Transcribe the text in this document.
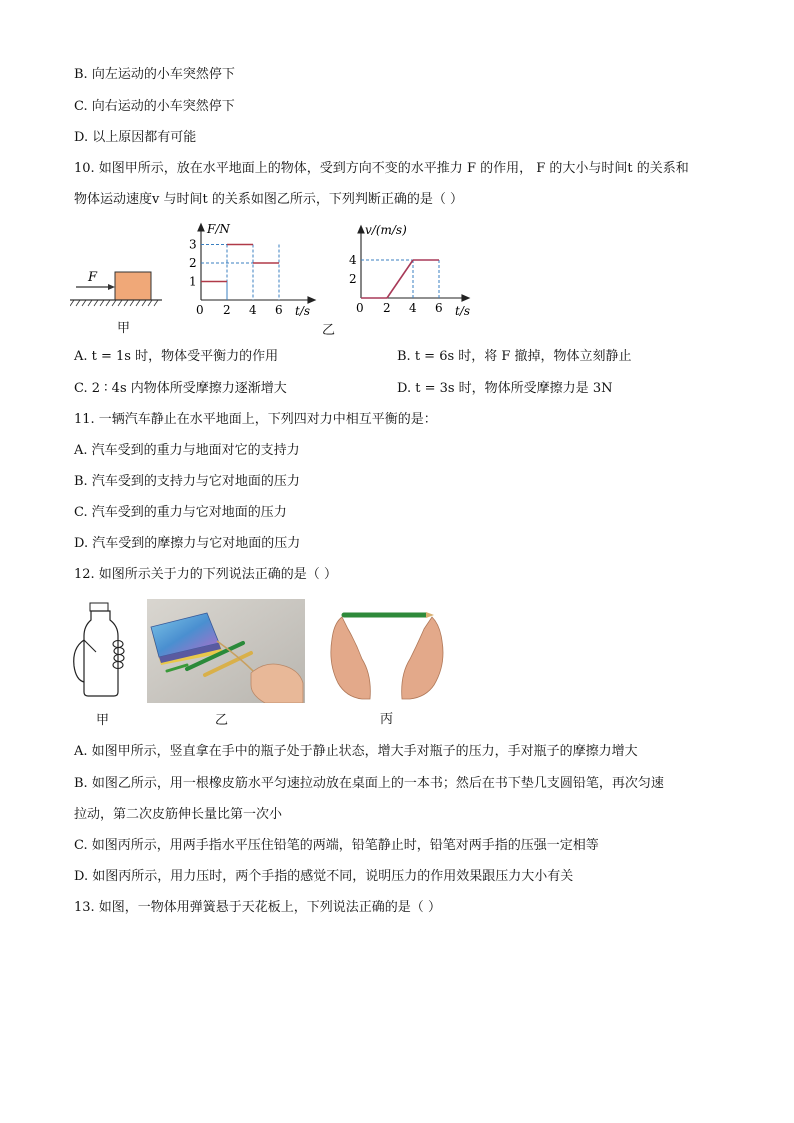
B. 向左运动的小车突然停下
C. 向右运动的小车突然停下
D. 以上原因都有可能
10. 如图甲所示，放在水平地面上的物体，受到方向不变的水平推力 F 的作用， F 的大小与时间t 的关系和
物体运动速度v 与时间t 的关系如图乙所示，下列判断正确的是（ ）
F
甲
F/N
t/s
0
1
2
3
2 4 6
v/(m/s)
t/s
0
2
4
2 4 6
乙
A. t = 1s 时，物体受平衡力的作用	B. t = 6s 时，将 F 撤掉，物体立刻静止
C. 2 ∶ 4s 内物体所受摩擦力逐渐增大	D. t = 3s 时，物体所受摩擦力是 3N
11. 一辆汽车静止在水平地面上，下列四对力中相互平衡的是：
A. 汽车受到的重力与地面对它的支持力
B. 汽车受到的支持力与它对地面的压力
C. 汽车受到的重力与它对地面的压力
D. 汽车受到的摩擦力与它对地面的压力
12. 如图所示关于力的下列说法正确的是（ ）
甲	乙	丙
A. 如图甲所示，竖直拿在手中的瓶子处于静止状态，增大手对瓶子的压力，手对瓶子的摩擦力增大
B. 如图乙所示，用一根橡皮筋水平匀速拉动放在桌面上的一本书；然后在书下垫几支圆铅笔，再次匀速
拉动，第二次皮筋伸长量比第一次小
C. 如图丙所示，用两手指水平压住铅笔的两端，铅笔静止时，铅笔对两手指的压强一定相等
D. 如图丙所示，用力压时，两个手指的感觉不同，说明压力的作用效果跟压力大小有关
13. 如图，一物体用弹簧悬于天花板上，下列说法正确的是（ ）
